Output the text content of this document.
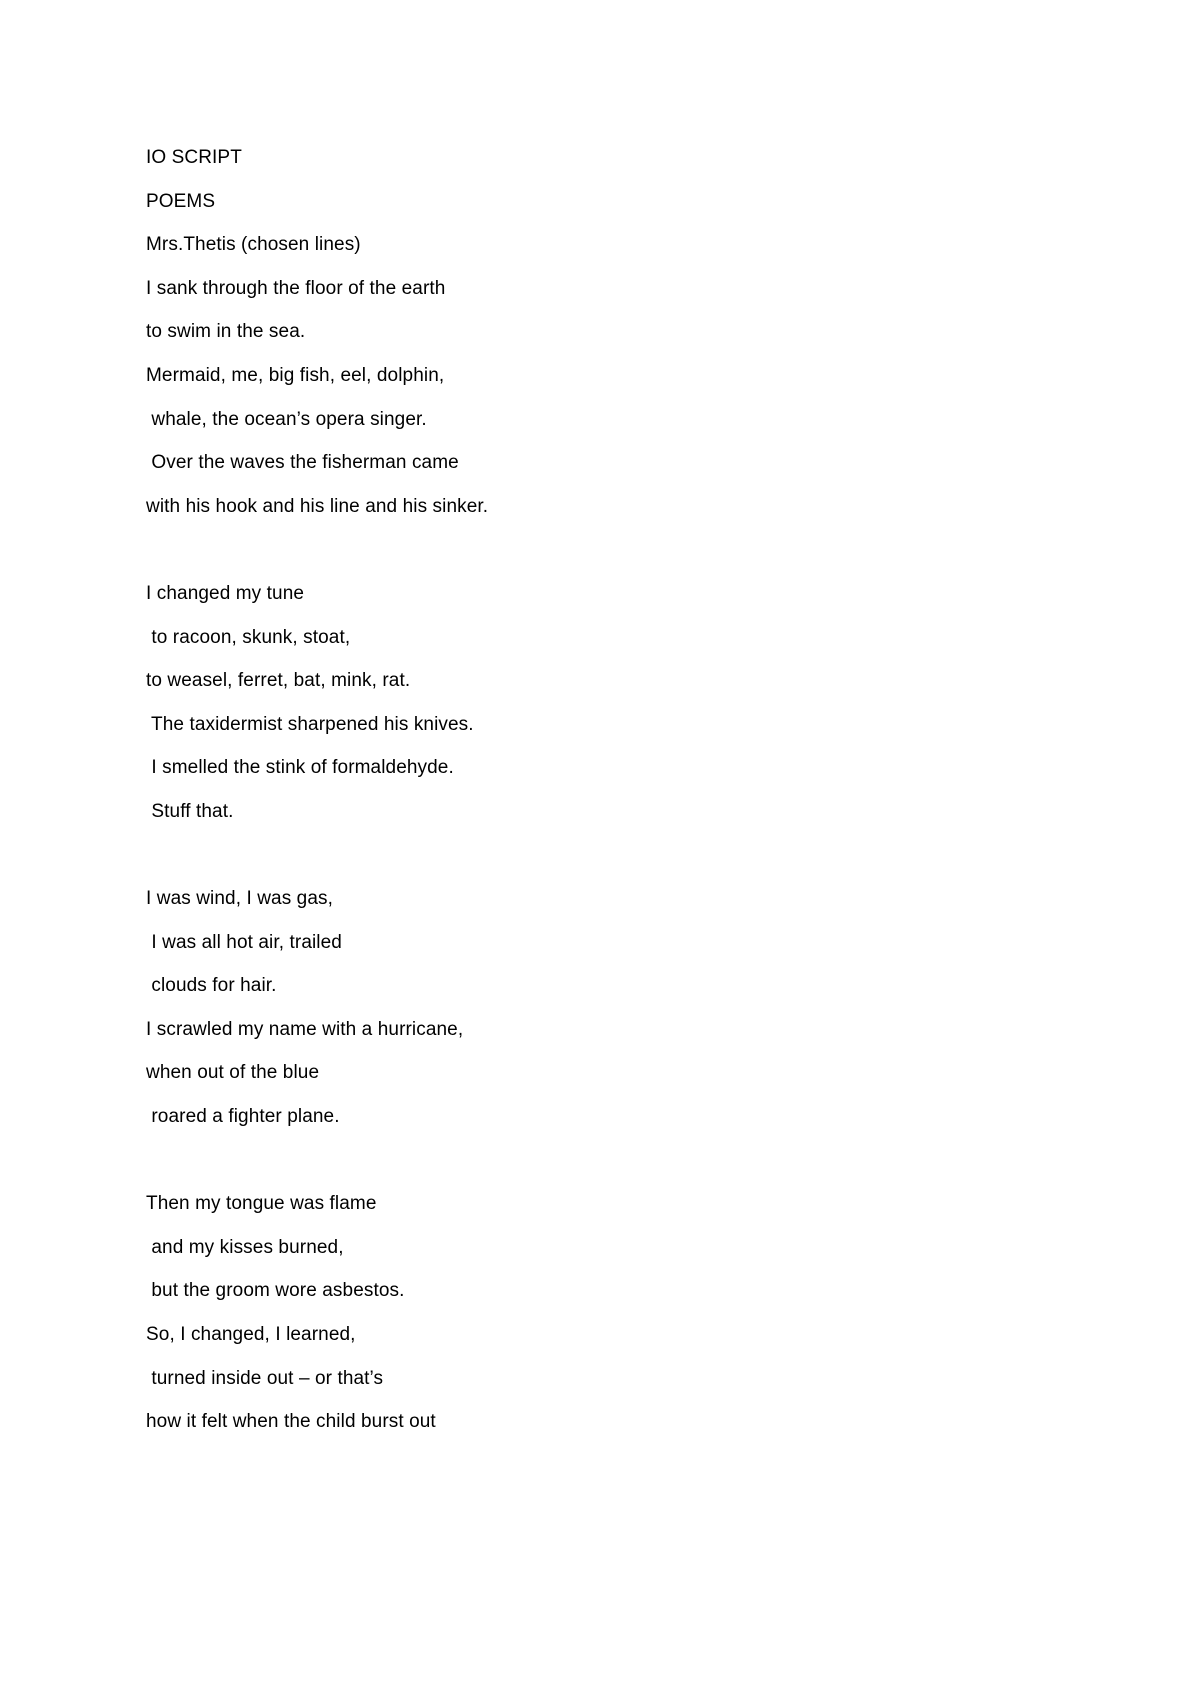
IO SCRIPT
POEMS
Mrs.Thetis (chosen lines)
I sank through the floor of the earth
to swim in the sea.
Mermaid, me, big fish, eel, dolphin,
whale, the ocean’s opera singer.
Over the waves the fisherman came
with his hook and his line and his sinker.
I changed my tune
to racoon, skunk, stoat,
to weasel, ferret, bat, mink, rat.
The taxidermist sharpened his knives.
I smelled the stink of formaldehyde.
Stuff that.
I was wind, I was gas,
I was all hot air, trailed
clouds for hair.
I scrawled my name with a hurricane,
when out of the blue
roared a fighter plane.
Then my tongue was flame
and my kisses burned,
but the groom wore asbestos.
So, I changed, I learned,
turned inside out – or that’s
how it felt when the child burst out
